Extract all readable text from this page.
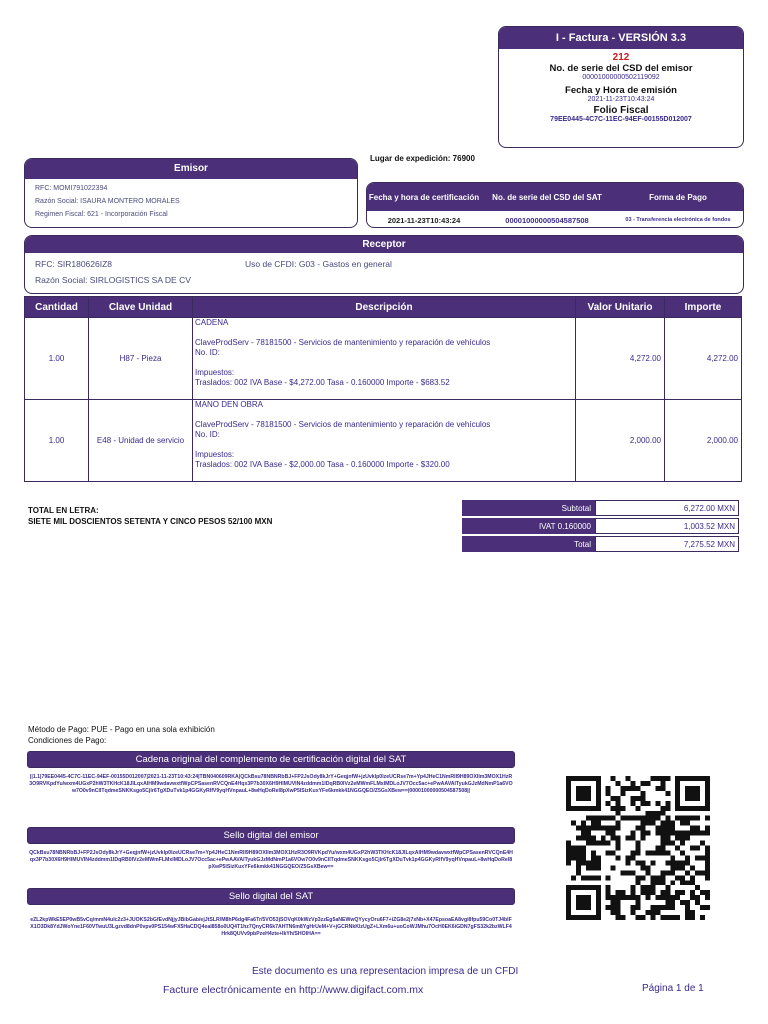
I - Factura - VERSIÓN 3.3
212
No. de serie del CSD del emisor
00001000000502119092
Fecha y Hora de emisión
2021-11-23T10:43:24
Folio Fiscal
79EE0445-4C7C-11EC-94EF-00155D012007
Lugar de expedición: 76900
Emisor
RFC: MOMI791022394
Razón Social: ISAURA MONTERO MORALES
Regimen Fiscal: 621 - Incorporación Fiscal
Fecha y hora de certificación	No. de serie del CSD del SAT	Forma de Pago
2021-11-23T10:43:24	00001000000504587508	03 - Transferencia electrónica de fondos
Receptor
RFC: SIR180626IZ8	Uso de CFDI: G03 - Gastos en general
Razón Social: SIRLOGISTICS SA DE CV
Cantidad	Clave Unidad	Descripción	Valor Unitario	Importe
1.00	H87 - Pieza	CADENA
ClaveProdServ - 78181500 - Servicios de mantenimiento y reparación de vehículos
No. ID:
Impuestos:
Traslados: 002 IVA Base - $4,272.00 Tasa - 0.160000 Importe - $683.52	4,272.00	4,272.00
1.00	E48 - Unidad de servicio	MANO DEN OBRA
ClaveProdServ - 78181500 - Servicios de mantenimiento y reparación de vehículos
No. ID:
Impuestos:
Traslados: 002 IVA Base - $2,000.00 Tasa - 0.160000 Importe - $320.00	2,000.00	2,000.00
TOTAL EN LETRA:
SIETE MIL DOSCIENTOS SETENTA Y CINCO PESOS 52/100 MXN
Subtotal	6,272.00 MXN
IVAT 0.160000	1,003.52 MXN
Total	7,275.52 MXN
Método de Pago: PUE - Pago en una sola exhibición
Condiciones de Pago:
Cadena original del complemento de certificación digital del SAT
||1.1|79EE0445-4C7C-11EC-94EF-00155D012007|2021-11-23T10:43:24|TBN040609RKA|QCkBsu78NBNRbBJ+FP2JsOdy8kJrY+GeqjnfW+jzUvklp0lzeUCRse7m+Yp4JHeC1NmRII9H89OXlIm3MOX1HzR3O9RVKpdYu/wxm4UGxP2hW3TKHcK18JILqxAlHM9wdavwxtfWpCPSasenRVCQnE4Hqx3P7b30X6H9HlMUVIN4zddmm1IDqRB0IVz2eMWmFLMxIMDLoJV7Occ5ac+ePwAAVAlTyukGJzMdNmP1a6VOw7O0v9nCllTqdmeSNKKsgo5Cjlr6TgXDuTvk1p4GGKyRIfV9yqHVnpauL+8wHqDoRel8pXwP5lSizKuxYFe6kmkk41NGGQEO/Z5GsXBew==|00001000000504587508||
Sello digital del emisor
QCkBsu78NBNRbBJ+FP2JsOdy8kJrY+GeqjnfW+jzUvklp0lzeUCRse7m+Yp4JHeC1NmRII9H89OXlIm3MOX1HzR3O9RVKpdYu/wxm4UGxP2hW3TKHcK18JILqxAlHM9wdavwxtfWpCPSasenRVCQnE4Hqx3P7b30X6H9HlMUVIN4zddmm1IDqRB0IVz2eMWmFLMxIMDLoJV7Occ5ac+ePwAAVAlTyukGJzMdNmP1a6VOw7O0v9nCllTqdmeSNKKsgo5Cjlr6TgXDuTvk1p4GGKyRIfV9yqHVnpauL+8wHqDoRel8pXwP5lSizKuxYFe6kmkk41NGGQEO/Z5GsXBew==
Sello digital del SAT
eZL2kpWkE5EP0wB5vCq/mmN4ulc2z3+JUOKS2bGfEvdNjjyJBibGab/ejJtSLR/M8hP6dg4Fa6Tr/5VO53jSOVqK0kWzVp3zzEg5aNEWwQYycyOru6F7+iZG8e2j7xNb+X47EpsoaEA8vgi8fpu59Co0TJ4bIFX1O3Dk8YdJWoYne1F60VTwuU3Lgzvd8dnP0vpv0PS154wFX5HaCDQ4eaI858o0UQ4T1hz7QnyCR6k7AHTN6m8YgHrUeM+V+jGCRNkKIzUgZ+LXm6u+uoCoWJMhu7OcH0EK6iGDN7gFS32k2bzWLF4Hrk8QUVv9pbPzeH4zte+IkYh/SHOlHA==
Este documento es una representacion impresa de un CFDI
Facture electrónicamente en http://www.digifact.com.mx	Página 1 de 1
